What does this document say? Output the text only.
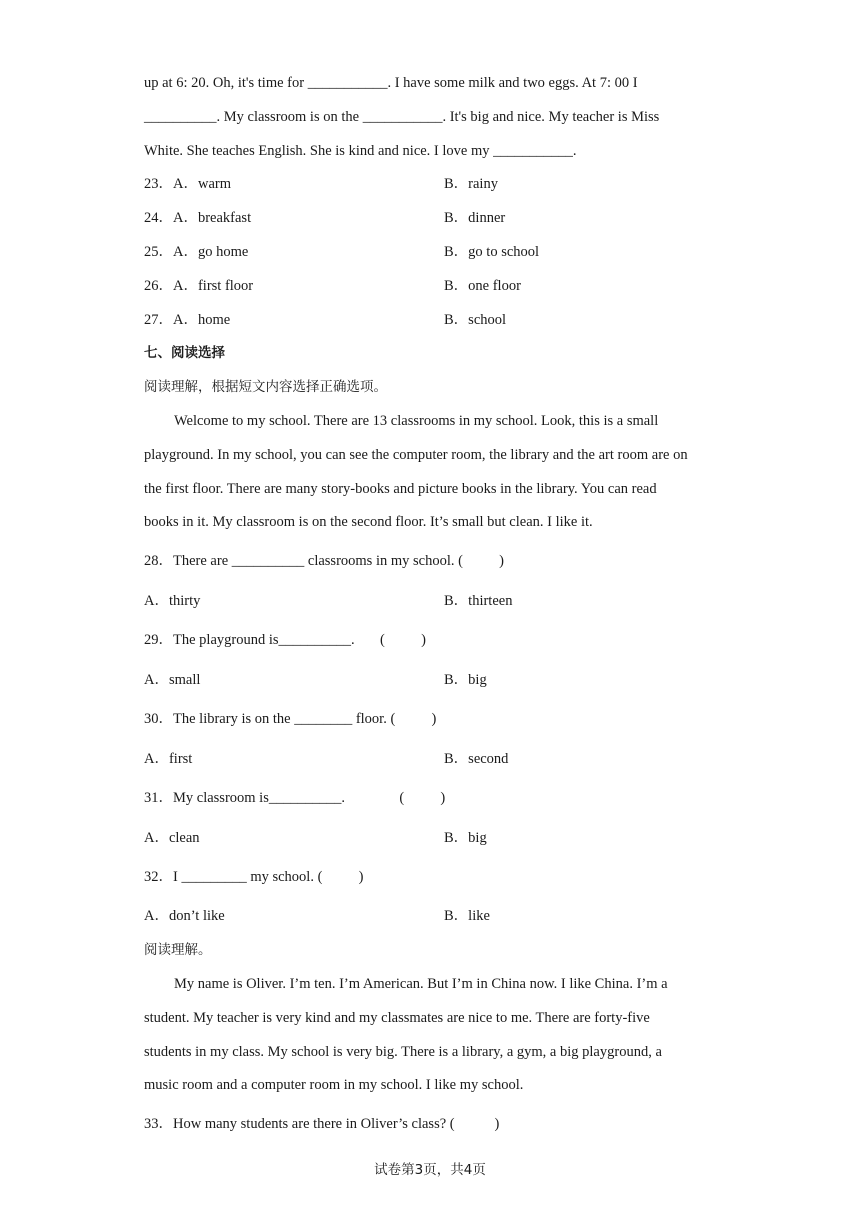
up at 6: 20. Oh, it's time for ___________. I have some milk and two eggs. At 7: 00 I
__________. My classroom is on the ___________. It's big and nice. My teacher is Miss
White. She teaches English. She is kind and nice. I love my ___________.
23．A．warm	B．rainy
24．A．breakfast	B．dinner
25．A．go home	B．go to school
26．A．first floor	B．one floor
27．A．home	B．school
七、阅读选择
阅读理解，根据短文内容选择正确选项。
Welcome to my school. There are 13 classrooms in my school. Look, this is a small
playground. In my school, you can see the computer room, the library and the art room are on
the first floor. There are many story-books and picture books in the library. You can read
books in it. My classroom is on the second floor. It’s small but clean. I like it.
28．There are __________ classrooms in my school. (          )
A．thirty	B．thirteen
29．The playground is__________.       (          )
A．small	B．big
30．The library is on the ________ floor. (          )
A．first	B．second
31．My classroom is__________.               (          )
A．clean	B．big
32．I _________ my school. (          )
A．don’t like	B．like
阅读理解。
My name is Oliver. I’m ten. I’m American. But I’m in China now. I like China. I’m a
student. My teacher is very kind and my classmates are nice to me. There are forty-five
students in my class. My school is very big. There is a library, a gym, a big playground, a
music room and a computer room in my school. I like my school.
33．How many students are there in Oliver’s class? (           )
试卷第3页，共4页
